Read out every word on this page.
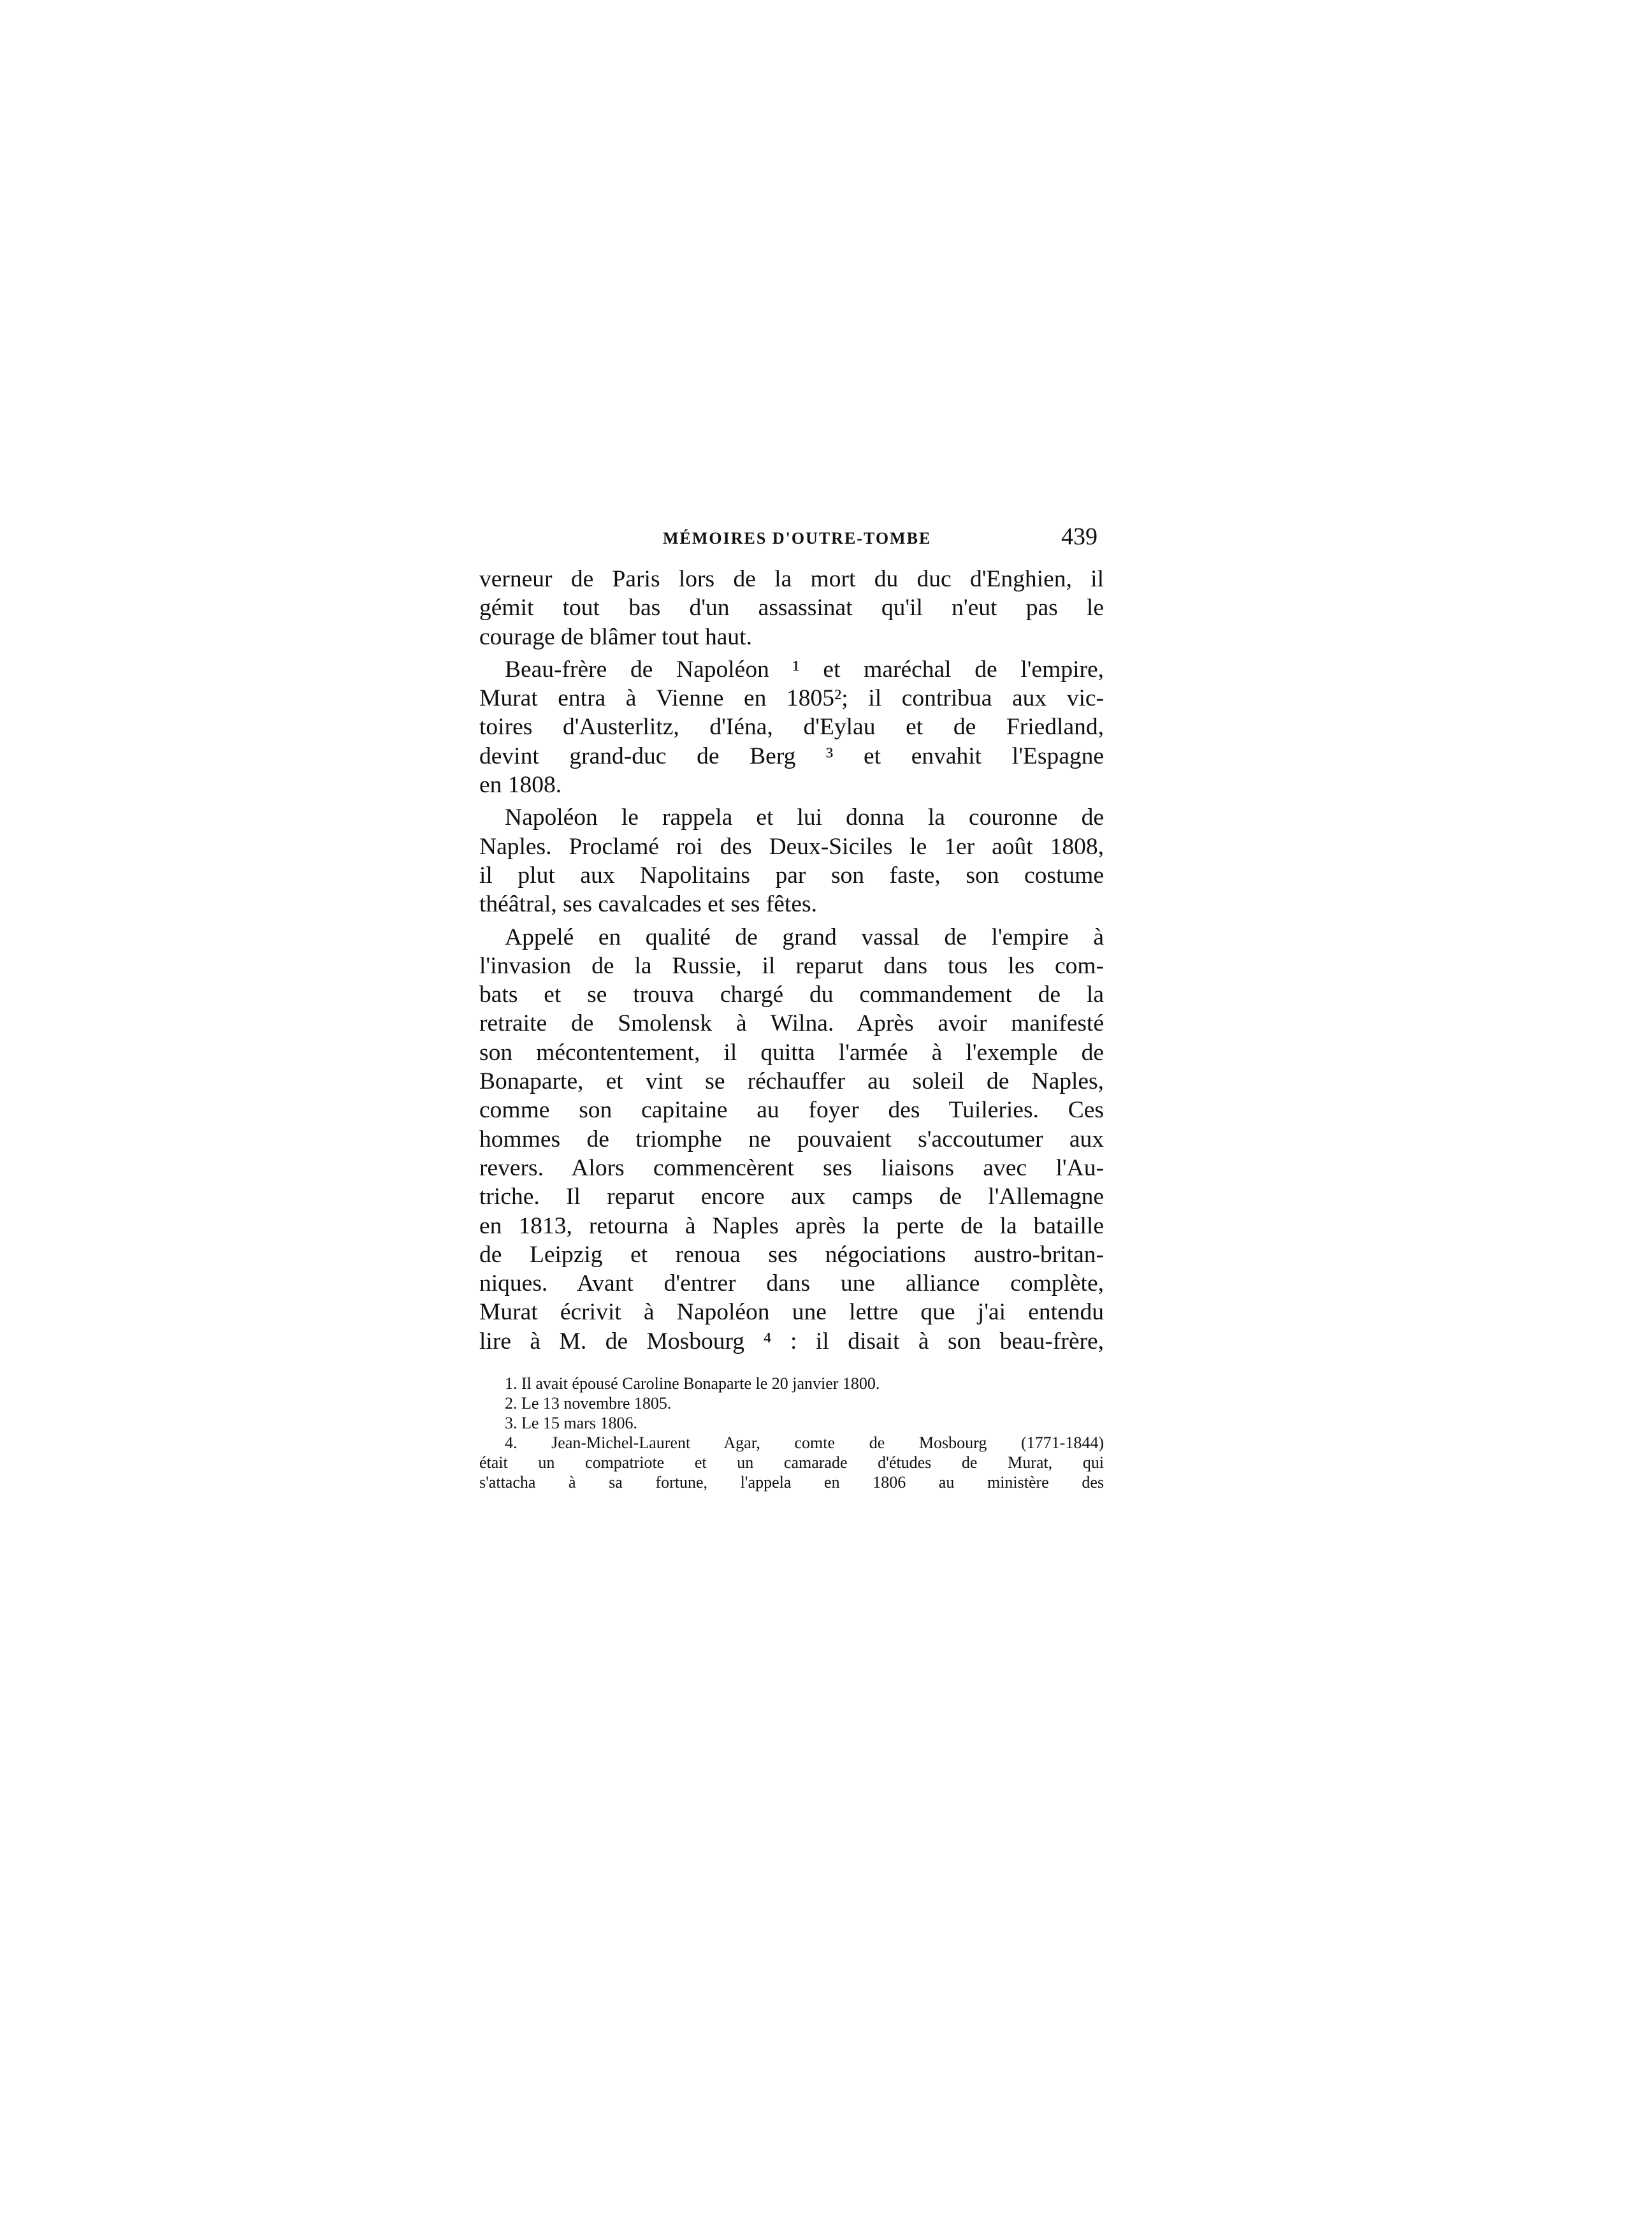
MÉMOIRES D'OUTRE-TOMBE	439

verneur de Paris lors de la mort du duc d'Enghien, il
gémit tout bas d'un assassinat qu'il n'eut pas le
courage de blâmer tout haut.

Beau-frère de Napoléon ¹ et maréchal de l'empire,
Murat entra à Vienne en 1805²; il contribua aux vic-
toires d'Austerlitz, d'Iéna, d'Eylau et de Friedland,
devint grand-duc de Berg ³ et envahit l'Espagne
en 1808.

Napoléon le rappela et lui donna la couronne de
Naples. Proclamé roi des Deux-Siciles le 1er août 1808,
il plut aux Napolitains par son faste, son costume
théâtral, ses cavalcades et ses fêtes.

Appelé en qualité de grand vassal de l'empire à
l'invasion de la Russie, il reparut dans tous les com-
bats et se trouva chargé du commandement de la
retraite de Smolensk à Wilna. Après avoir manifesté
son mécontentement, il quitta l'armée à l'exemple de
Bonaparte, et vint se réchauffer au soleil de Naples,
comme son capitaine au foyer des Tuileries. Ces
hommes de triomphe ne pouvaient s'accoutumer aux
revers. Alors commencèrent ses liaisons avec l'Au-
triche. Il reparut encore aux camps de l'Allemagne
en 1813, retourna à Naples après la perte de la bataille
de Leipzig et renoua ses négociations austro-britan-
niques. Avant d'entrer dans une alliance complète,
Murat écrivit à Napoléon une lettre que j'ai entendu
lire à M. de Mosbourg ⁴ : il disait à son beau-frère,

1. Il avait épousé Caroline Bonaparte le 20 janvier 1800.
2. Le 13 novembre 1805.
3. Le 15 mars 1806.
4. Jean-Michel-Laurent Agar, comte de Mosbourg (1771-1844)
était un compatriote et un camarade d'études de Murat, qui
s'attacha à sa fortune, l'appela en 1806 au ministère des
